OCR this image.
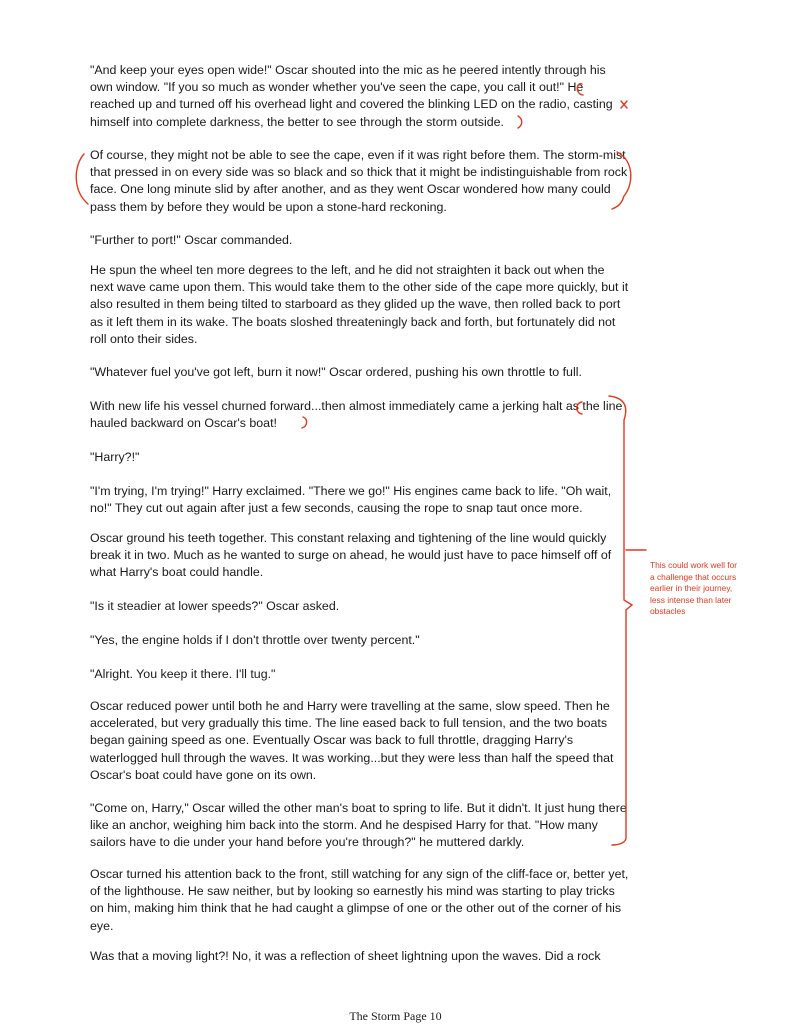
"And keep your eyes open wide!" Oscar shouted into the mic as he peered intently through his own window. "If you so much as wonder whether you've seen the cape, you call it out!" He reached up and turned off his overhead light and covered the blinking LED on the radio, casting himself into complete darkness, the better to see through the storm outside.

Of course, they might not be able to see the cape, even if it was right before them. The storm-mist that pressed in on every side was so black and so thick that it might be indistinguishable from rock face. One long minute slid by after another, and as they went Oscar wondered how many could pass them by before they would be upon a stone-hard reckoning.

"Further to port!" Oscar commanded.

He spun the wheel ten more degrees to the left, and he did not straighten it back out when the next wave came upon them. This would take them to the other side of the cape more quickly, but it also resulted in them being tilted to starboard as they glided up the wave, then rolled back to port as it left them in its wake. The boats sloshed threateningly back and forth, but fortunately did not roll onto their sides.

"Whatever fuel you've got left, burn it now!" Oscar ordered, pushing his own throttle to full.

With new life his vessel churned forward...then almost immediately came a jerking halt as the line hauled backward on Oscar's boat!

"Harry?!"

"I'm trying, I'm trying!" Harry exclaimed. "There we go!" His engines came back to life. "Oh wait, no!" They cut out again after just a few seconds, causing the rope to snap taut once more.

Oscar ground his teeth together. This constant relaxing and tightening of the line would quickly break it in two. Much as he wanted to surge on ahead, he would just have to pace himself off of what Harry's boat could handle.

"Is it steadier at lower speeds?" Oscar asked.

"Yes, the engine holds if I don't throttle over twenty percent."

"Alright. You keep it there. I'll tug."

Oscar reduced power until both he and Harry were travelling at the same, slow speed. Then he accelerated, but very gradually this time. The line eased back to full tension, and the two boats began gaining speed as one. Eventually Oscar was back to full throttle, dragging Harry's waterlogged hull through the waves. It was working...but they were less than half the speed that Oscar's boat could have gone on its own.

"Come on, Harry," Oscar willed the other man's boat to spring to life. But it didn't. It just hung there like an anchor, weighing him back into the storm. And he despised Harry for that. "How many sailors have to die under your hand before you're through?" he muttered darkly.

Oscar turned his attention back to the front, still watching for any sign of the cliff-face or, better yet, of the lighthouse. He saw neither, but by looking so earnestly his mind was starting to play tricks on him, making him think that he had caught a glimpse of one or the other out of the corner of his eye.

Was that a moving light?! No, it was a reflection of sheet lightning upon the waves. Did a rock

This could work well for a challenge that occurs earlier in their journey, less intense than later obstacles
The Storm Page 10
